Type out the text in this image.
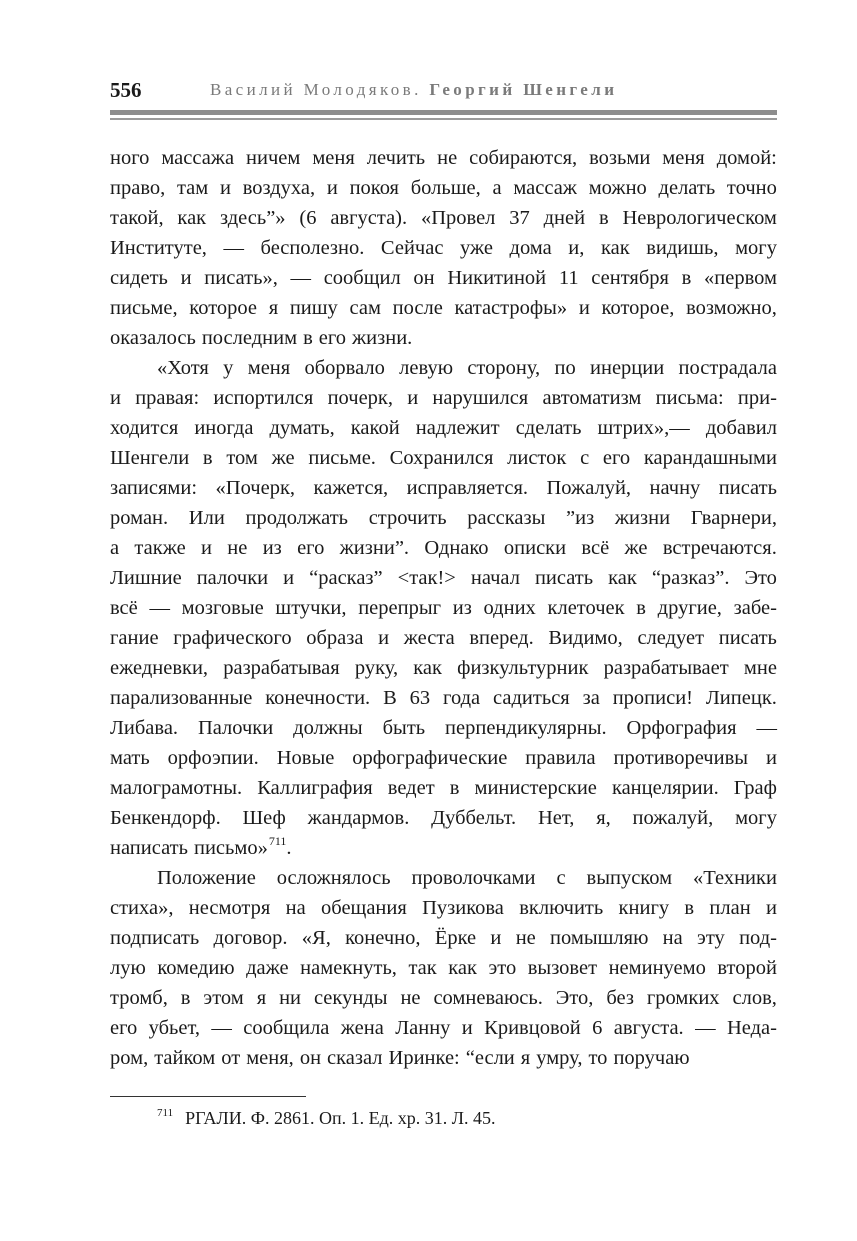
556	Василий Молодяков. Георгий Шенгели
ного массажа ничем меня лечить не собираются, возьми меня домой:
право, там и воздуха, и покоя больше, а массаж можно делать точно
такой, как здесь”» (6 августа). «Провел 37 дней в Неврологическом
Институте, — бесполезно. Сейчас уже дома и, как видишь, могу
сидеть и писать», — сообщил он Никитиной 11 сентября в «первом
письме, которое я пишу сам после катастрофы» и которое, возможно,
оказалось последним в его жизни.
«Хотя у меня оборвало левую сторону, по инерции пострадала
и правая: испортился почерк, и нарушился автоматизм письма: при-
ходится иногда думать, какой надлежит сделать штрих»,— добавил
Шенгели в том же письме. Сохранился листок с его карандашными
записями: «Почерк, кажется, исправляется. Пожалуй, начну писать
роман. Или продолжать строчить рассказы ”из жизни Гварнери,
а также и не из его жизни”. Однако описки всё же встречаются.
Лишние палочки и “расказ” <так!> начал писать как “разказ”. Это
всё — мозговые штучки, перепрыг из одних клеточек в другие, забе-
гание графического образа и жеста вперед. Видимо, следует писать
ежедневки, разрабатывая руку, как физкультурник разрабатывает мне
парализованные конечности. В 63 года садиться за прописи! Липецк.
Либава. Палочки должны быть перпендикулярны. Орфография —
мать орфоэпии. Новые орфографические правила противоречивы и
малограмотны. Каллиграфия ведет в министерские канцелярии. Граф
Бенкендорф. Шеф жандармов. Дуббельт. Нет, я, пожалуй, могу
написать письмо»$^{711}$.
Положение осложнялось проволочками с выпуском «Техники
стиха», несмотря на обещания Пузикова включить книгу в план и
подписать договор. «Я, конечно, Ёрке и не помышляю на эту под-
лую комедию даже намекнуть, так как это вызовет неминуемо второй
тромб, в этом я ни секунды не сомневаюсь. Это, без громких слов,
его убьет, — сообщила жена Ланну и Кривцовой 6 августа. — Неда-
ром, тайком от меня, он сказал Иринке: “если я умру, то поручаю
$^{711}$ РГАЛИ. Ф. 2861. Оп. 1. Ед. хр. 31. Л. 45.
